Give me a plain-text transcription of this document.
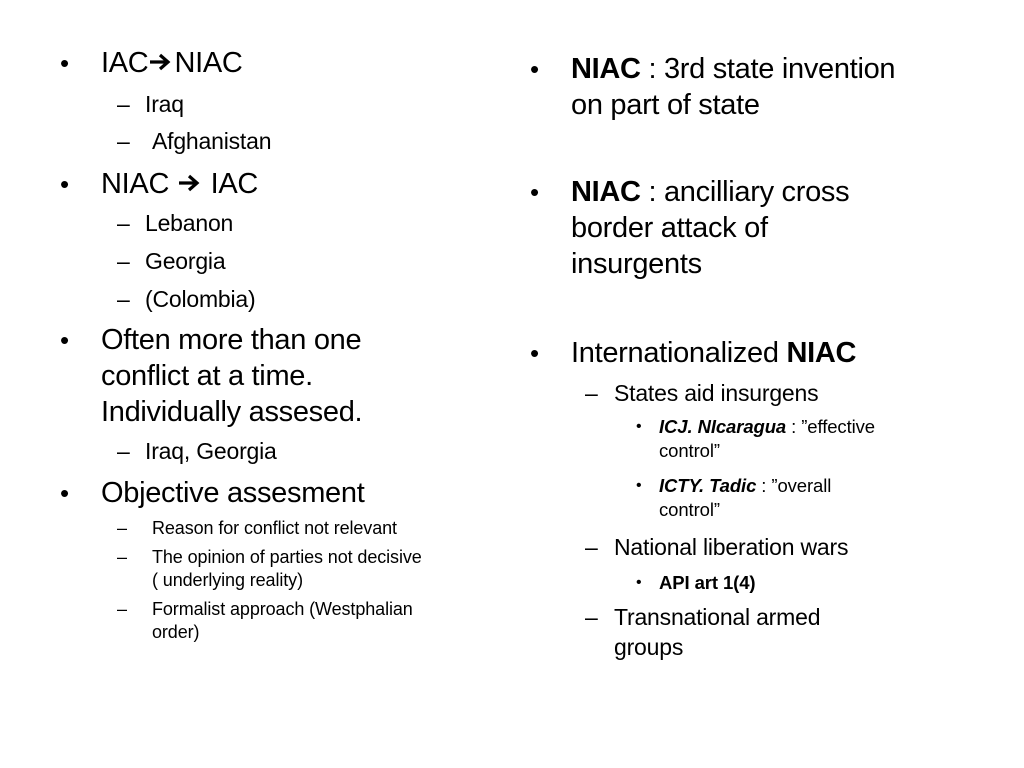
• IAC NIAC
– Iraq
– Afghanistan
• NIAC IAC
– Lebanon
– Georgia
– (Colombia)
• Often more than one
conflict at a time.
Individually assesed.
– Iraq, Georgia
• Objective assesment
– Reason for conflict not relevant
– The opinion of parties not decisive
( underlying reality)
– Formalist approach (Westphalian
order)
• NIAC : 3rd state invention
on part of state
• NIAC : ancilliary cross
border attack of
insurgents
• Internationalized NIAC
– States aid insurgens
• ICJ. NIcaragua : ”effective
control”
• ICTY. Tadic : ”overall
control”
– National liberation wars
• API art 1(4)
– Transnational armed
groups
